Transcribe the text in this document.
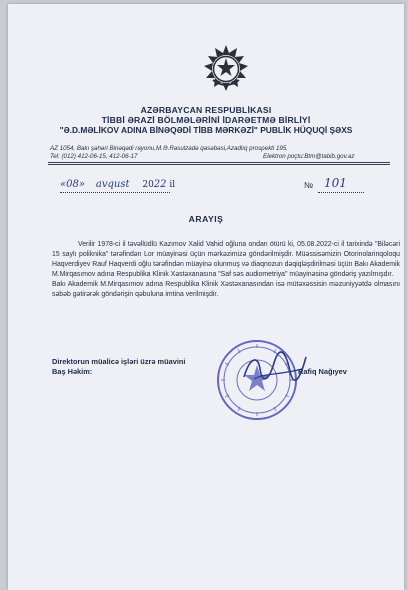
AZƏRBAYCAN RESPUBLİKASI
TİBBİ ƏRAZİ BÖLMƏLƏRİNİ İDARƏETMƏ BİRLİYİ
"Ə.D.MƏLİKOV ADINA BİNƏQƏDİ TİBB MƏRKƏZİ" PUBLİK HÜQUQİ ŞƏXS
AZ 1054, Bakı şəhəri Binəqədi rayonu,M.Ə.Rəsulzadə qəsəbəsi,Azadlıq prospekti 195.
Tel: (012) 412-06-15, 412-06-17	Elektron poçtu:Btm@tabib.gov.az
«08» avqust 2022 il	№ 101
ARAYIŞ

Verilir 1978-ci il təvəllüdlü Kazımov Xalid Vahid oğluna ondan ötürü ki, 05.08.2022-ci il tarixində "Biləcəri 15 saylı poliknika" tərəfindən Lor müayinəsi üçün mərkəzimizə göndərilmişdir. Müəssisəmizin Otorinolarinqoloqu Haqverdiyev Rauf Haqverdi oğlu tərəfindən müayinə olunmuş və diaqnozun dəqiqləşdirilməsi üçün Bakı Akademik M.Mirqasımov adına Respublika Klinik Xəstəxanasına "Saf səs audiometriya" müayinəsinə göndəriş yazılmışdır.

Bakı Akademik M.Mirqasımov adına Respublika Klinik Xəstəxanasından isə mütəxəssisin məzuniyyətdə olmasını səbəb gətirərək göndərişin qəbuluna imtina verilmişdir.

Direktorun müalicə işləri üzrə müavini
Baş Həkim:	Rafiq Nağıyev
